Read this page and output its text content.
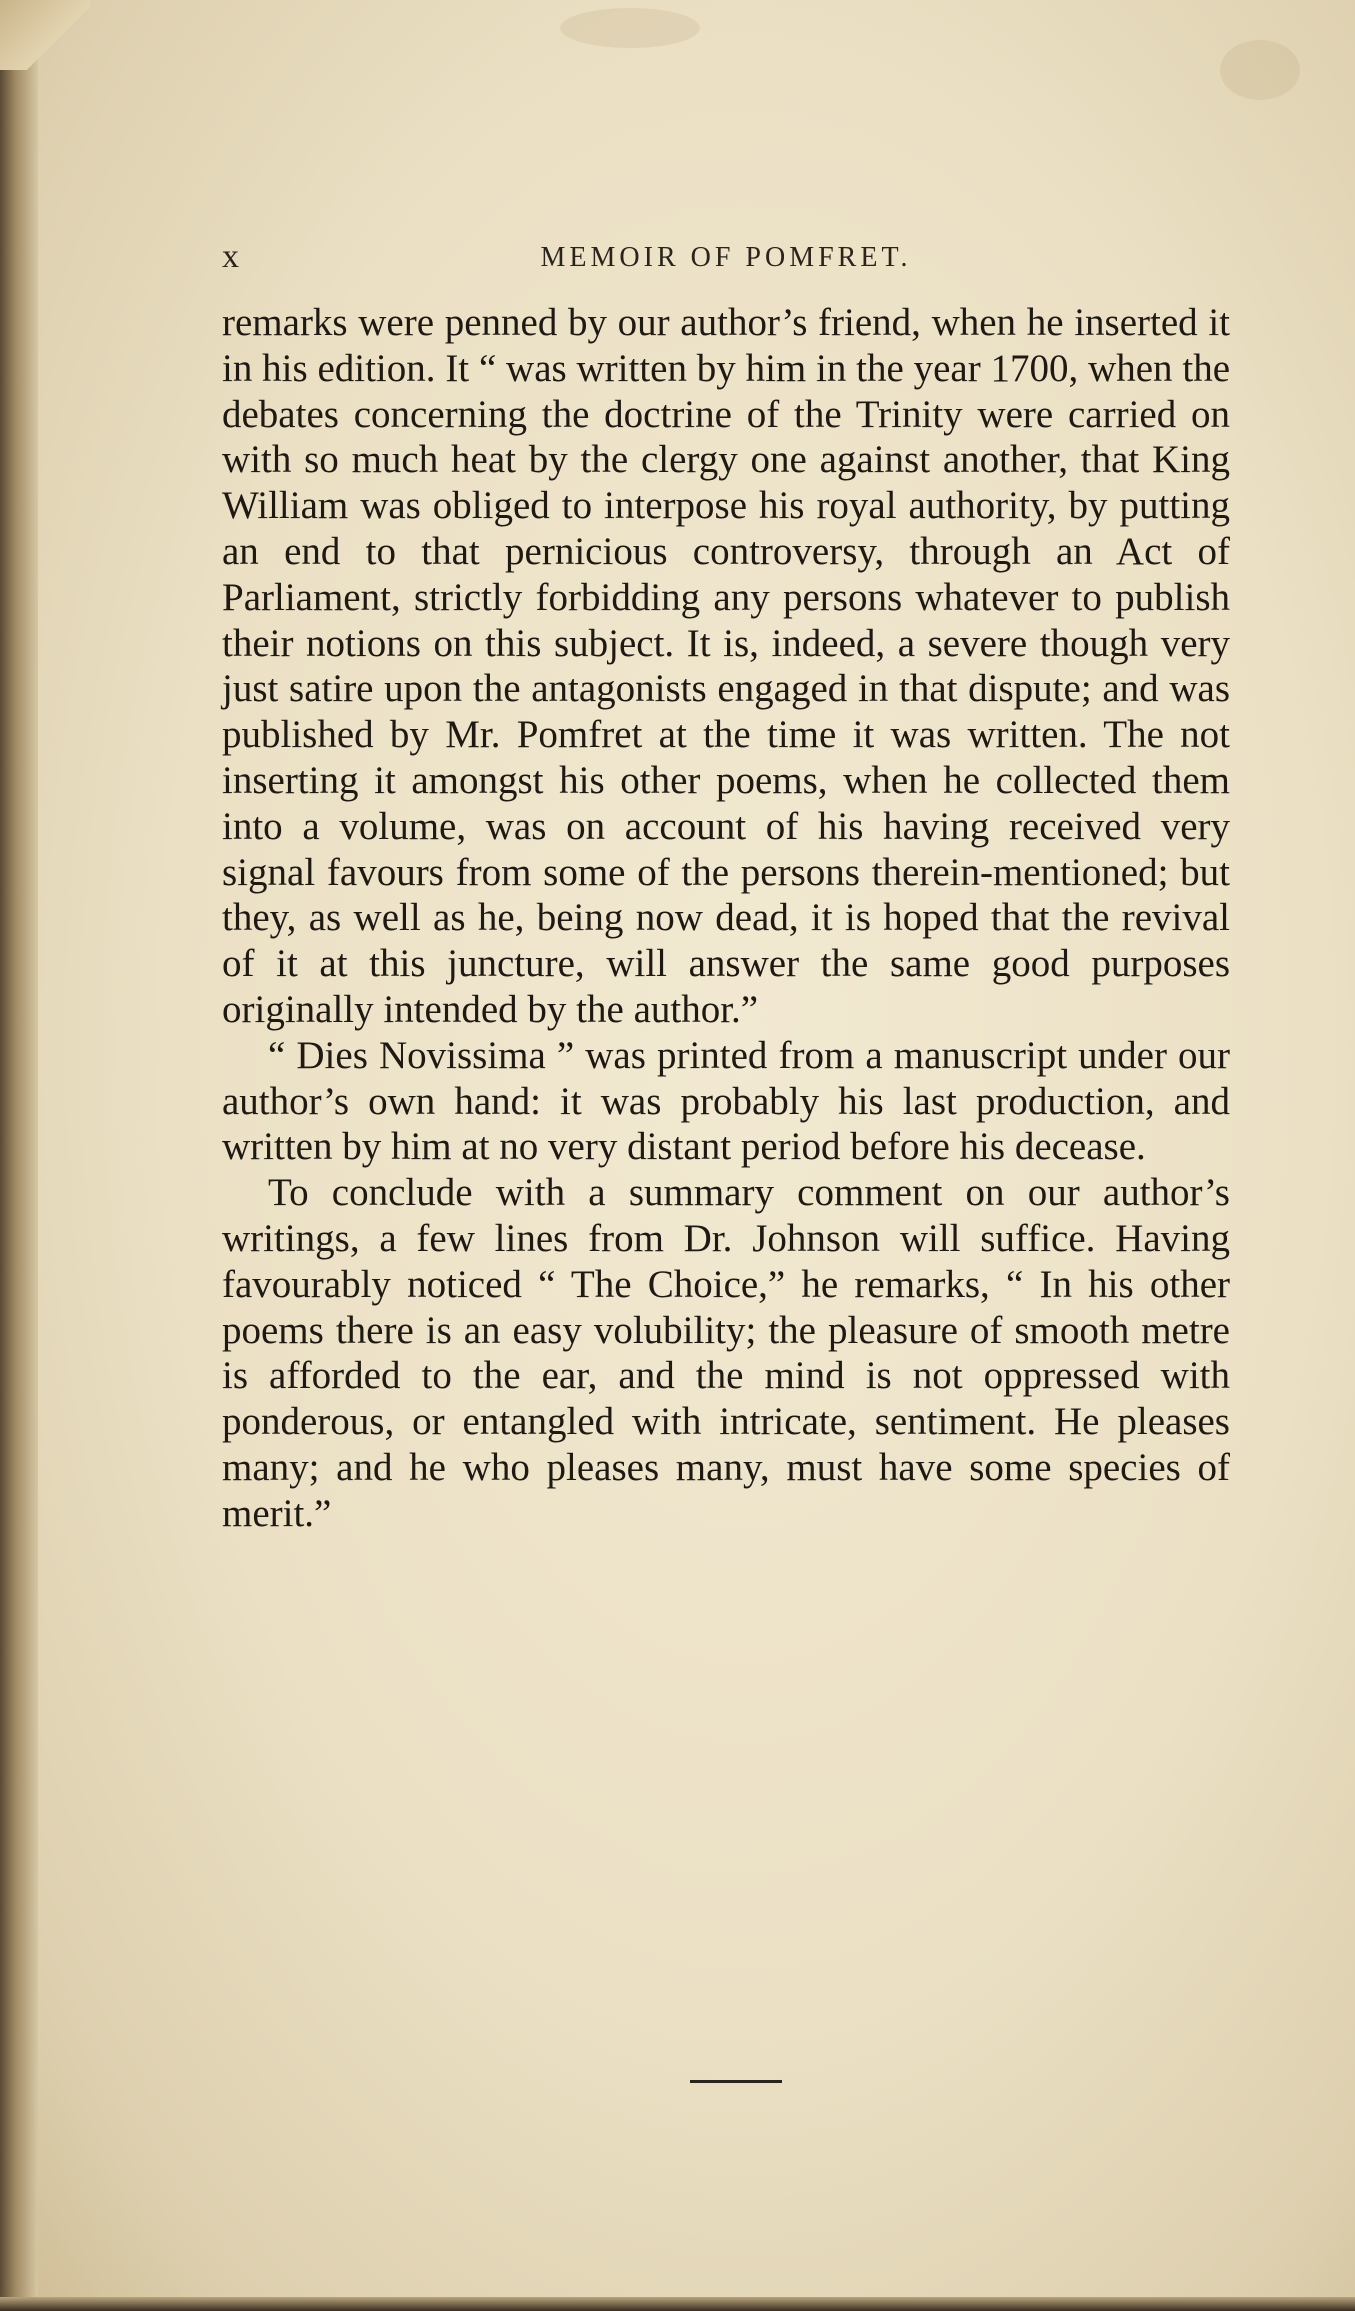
x	MEMOIR OF POMFRET.

remarks were penned by our author’s friend, when he inserted it in his edition. It “ was written by him in the year 1700, when the debates concerning the doctrine of the Trinity were carried on with so much heat by the clergy one against another, that King William was obliged to interpose his royal authority, by putting an end to that pernicious controversy, through an Act of Parliament, strictly forbidding any persons whatever to publish their notions on this subject. It is, indeed, a severe though very just satire upon the antagonists engaged in that dispute; and was published by Mr. Pomfret at the time it was written. The not inserting it amongst his other poems, when he collected them into a volume, was on account of his having received very signal favours from some of the persons therein-mentioned; but they, as well as he, being now dead, it is hoped that the revival of it at this juncture, will answer the same good purposes originally intended by the author.”

“ Dies Novissima ” was printed from a manuscript under our author’s own hand: it was probably his last production, and written by him at no very distant period before his decease.

To conclude with a summary comment on our author’s writings, a few lines from Dr. Johnson will suffice. Having favourably noticed “ The Choice,” he remarks, “ In his other poems there is an easy volubility; the pleasure of smooth metre is afforded to the ear, and the mind is not oppressed with ponderous, or entangled with intricate, sentiment. He pleases many; and he who pleases many, must have some species of merit.”
